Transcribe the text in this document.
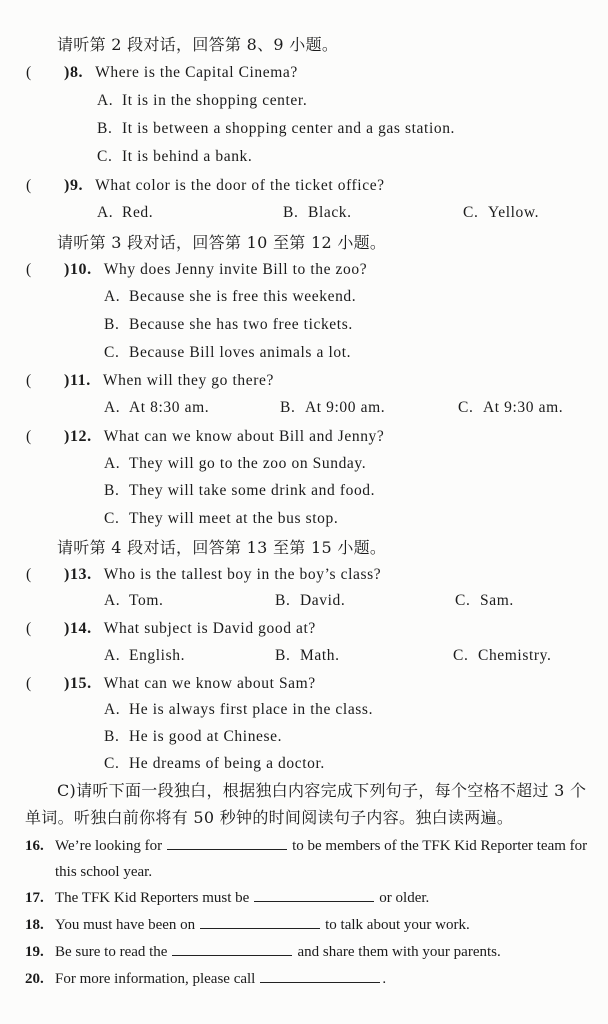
请听第 2 段对话，回答第 8、9 小题。
( )8. Where is the Capital Cinema?
A. It is in the shopping center.
B. It is between a shopping center and a gas station.
C. It is behind a bank.
( )9. What color is the door of the ticket office?
A. Red.	B. Black.	C. Yellow.
请听第 3 段对话，回答第 10 至第 12 小题。
( )10. Why does Jenny invite Bill to the zoo?
A. Because she is free this weekend.
B. Because she has two free tickets.
C. Because Bill loves animals a lot.
( )11. When will they go there?
A. At 8:30 am.	B. At 9:00 am.	C. At 9:30 am.
( )12. What can we know about Bill and Jenny?
A. They will go to the zoo on Sunday.
B. They will take some drink and food.
C. They will meet at the bus stop.
请听第 4 段对话，回答第 13 至第 15 小题。
( )13. Who is the tallest boy in the boy’s class?
A. Tom.	B. David.	C. Sam.
( )14. What subject is David good at?
A. English.	B. Math.	C. Chemistry.
( )15. What can we know about Sam?
A. He is always first place in the class.
B. He is good at Chinese.
C. He dreams of being a doctor.
C)请听下面一段独白，根据独白内容完成下列句子，每个空格不超过 3 个单词。听独白前你将有 50 秒钟的时间阅读句子内容。独白读两遍。
16. We’re looking for	to be members of the TFK Kid Reporter team for this school year.
17. The TFK Kid Reporters must be	or older.
18. You must have been on	to talk about your work.
19. Be sure to read the	and share them with your parents.
20. For more information, please call	.
